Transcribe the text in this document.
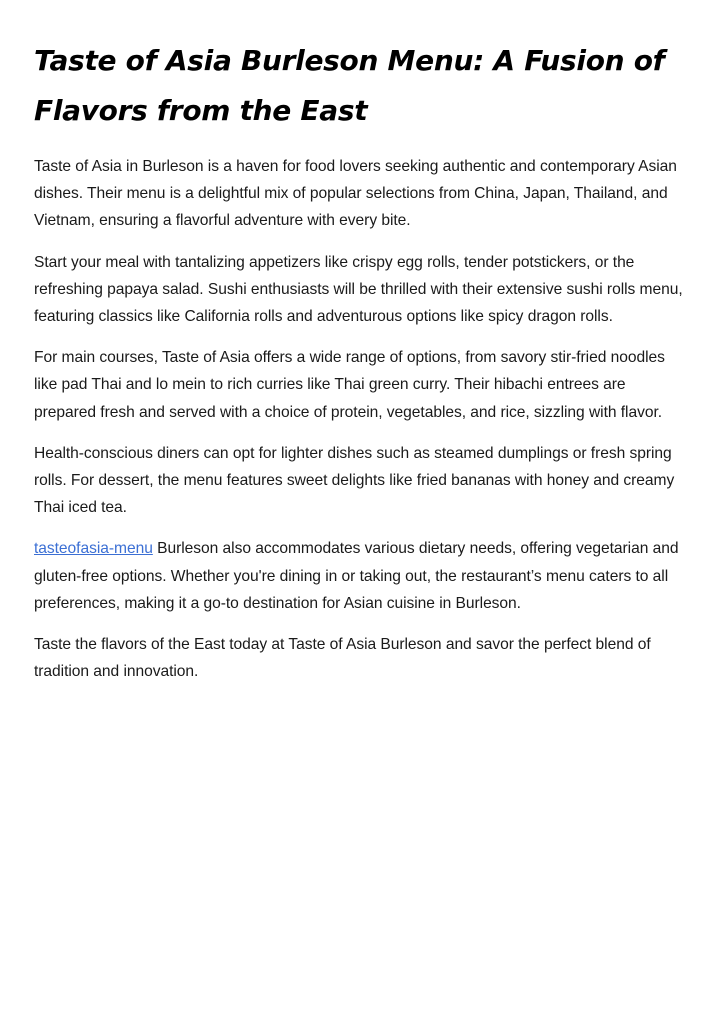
Taste of Asia Burleson Menu: A Fusion of Flavors from the East

Taste of Asia in Burleson is a haven for food lovers seeking authentic and contemporary Asian dishes. Their menu is a delightful mix of popular selections from China, Japan, Thailand, and Vietnam, ensuring a flavorful adventure with every bite.

Start your meal with tantalizing appetizers like crispy egg rolls, tender potstickers, or the refreshing papaya salad. Sushi enthusiasts will be thrilled with their extensive sushi rolls menu, featuring classics like California rolls and adventurous options like spicy dragon rolls.

For main courses, Taste of Asia offers a wide range of options, from savory stir-fried noodles like pad Thai and lo mein to rich curries like Thai green curry. Their hibachi entrees are prepared fresh and served with a choice of protein, vegetables, and rice, sizzling with flavor.

Health-conscious diners can opt for lighter dishes such as steamed dumplings or fresh spring rolls. For dessert, the menu features sweet delights like fried bananas with honey and creamy Thai iced tea.

tasteofasia-menu Burleson also accommodates various dietary needs, offering vegetarian and gluten-free options. Whether you're dining in or taking out, the restaurant’s menu caters to all preferences, making it a go-to destination for Asian cuisine in Burleson.

Taste the flavors of the East today at Taste of Asia Burleson and savor the perfect blend of tradition and innovation.
